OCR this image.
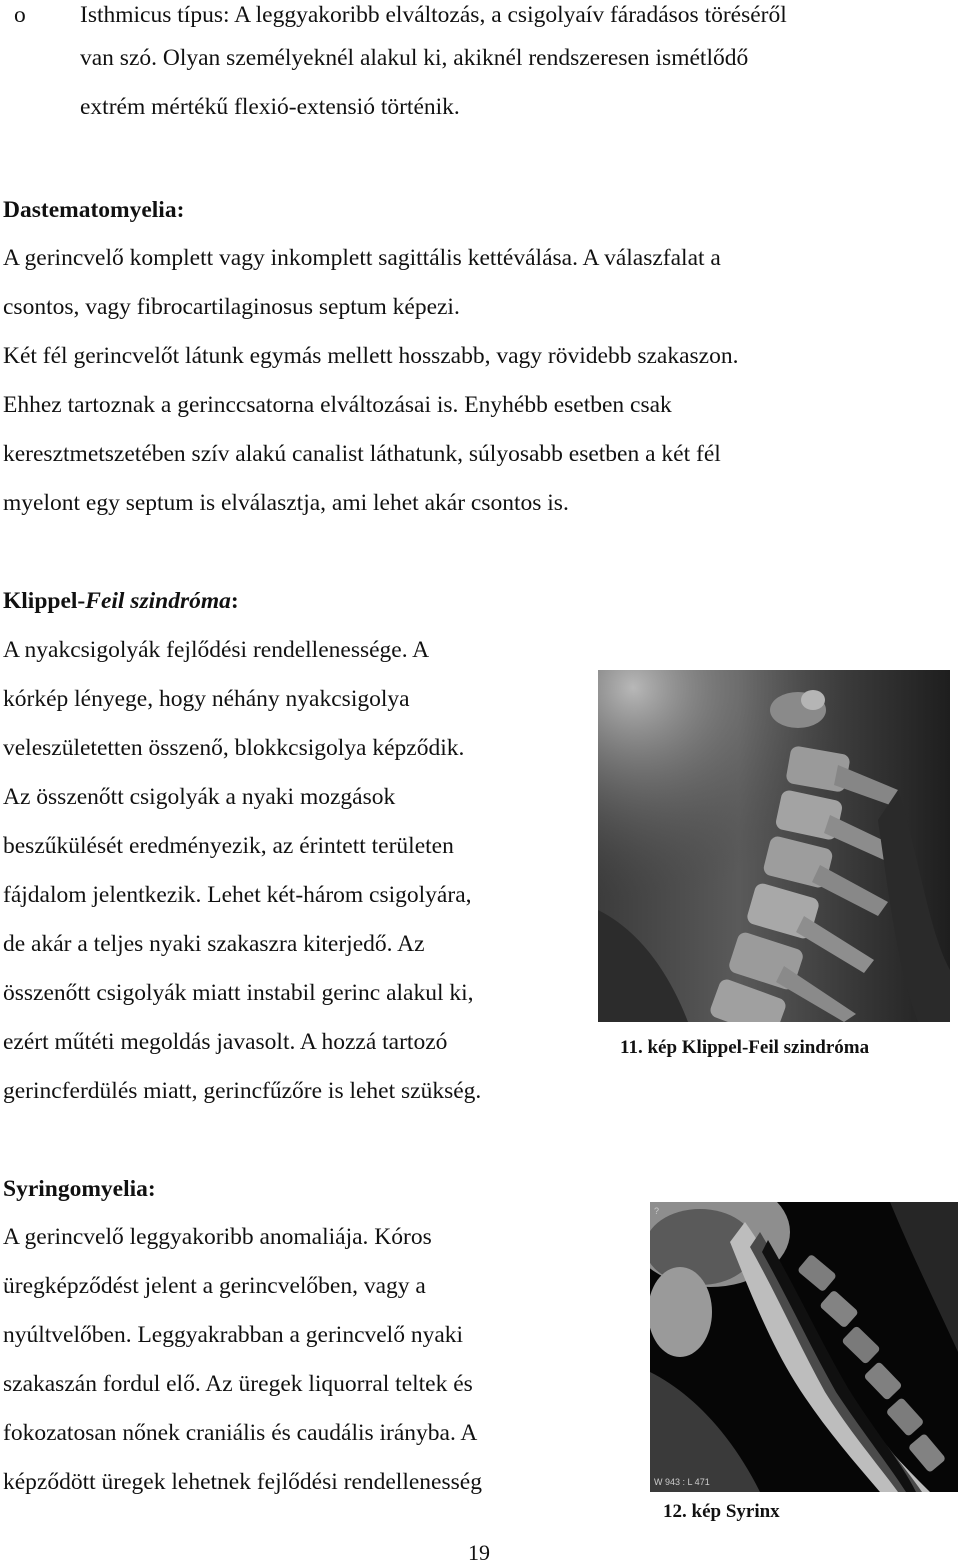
o Isthmicus típus: A leggyakoribb elváltozás, a csigolyaív fáradásos töréséről
van szó. Olyan személyeknél alakul ki, akiknél rendszeresen ismétlődő
extrém mértékű flexió-extensió történik.
Dastematomyelia:
A gerincvelő komplett vagy inkomplett sagittális kettéválása. A válaszfalat a
csontos, vagy fibrocartilaginosus septum képezi.
Két fél gerincvelőt látunk egymás mellett hosszabb, vagy rövidebb szakaszon.
Ehhez tartoznak a gerinccsatorna elváltozásai is. Enyhébb esetben csak
keresztmetszetében szív alakú canalist láthatunk, súlyosabb esetben a két fél
myelont egy septum is elválasztja, ami lehet akár csontos is.
Klippel-Feil szindróma:
A nyakcsigolyák fejlődési rendellenessége. A
kórkép lényege, hogy néhány nyakcsigolya
veleszületetten összenő, blokkcsigolya képződik.
Az összenőtt csigolyák a nyaki mozgások
beszűkülését eredményezik, az érintett területen
fájdalom jelentkezik. Lehet két-három csigolyára,
de akár a teljes nyaki szakaszra kiterjedő. Az
összenőtt csigolyák miatt instabil gerinc alakul ki,
ezért műtéti megoldás javasolt. A hozzá tartozó
gerincferdülés miatt, gerincfűzőre is lehet szükség.
11. kép Klippel-Feil szindróma
Syringomyelia:
A gerincvelő leggyakoribb anomaliája. Kóros
üregképződést jelent a gerincvelőben, vagy a
nyúltvelőben. Leggyakrabban a gerincvelő nyaki
szakaszán fordul elő. Az üregek liquorral teltek és
fokozatosan nőnek craniális és caudális irányba. A
képződött üregek lehetnek fejlődési rendellenesség
?
W 943 : L 471
12. kép Syrinx
19
